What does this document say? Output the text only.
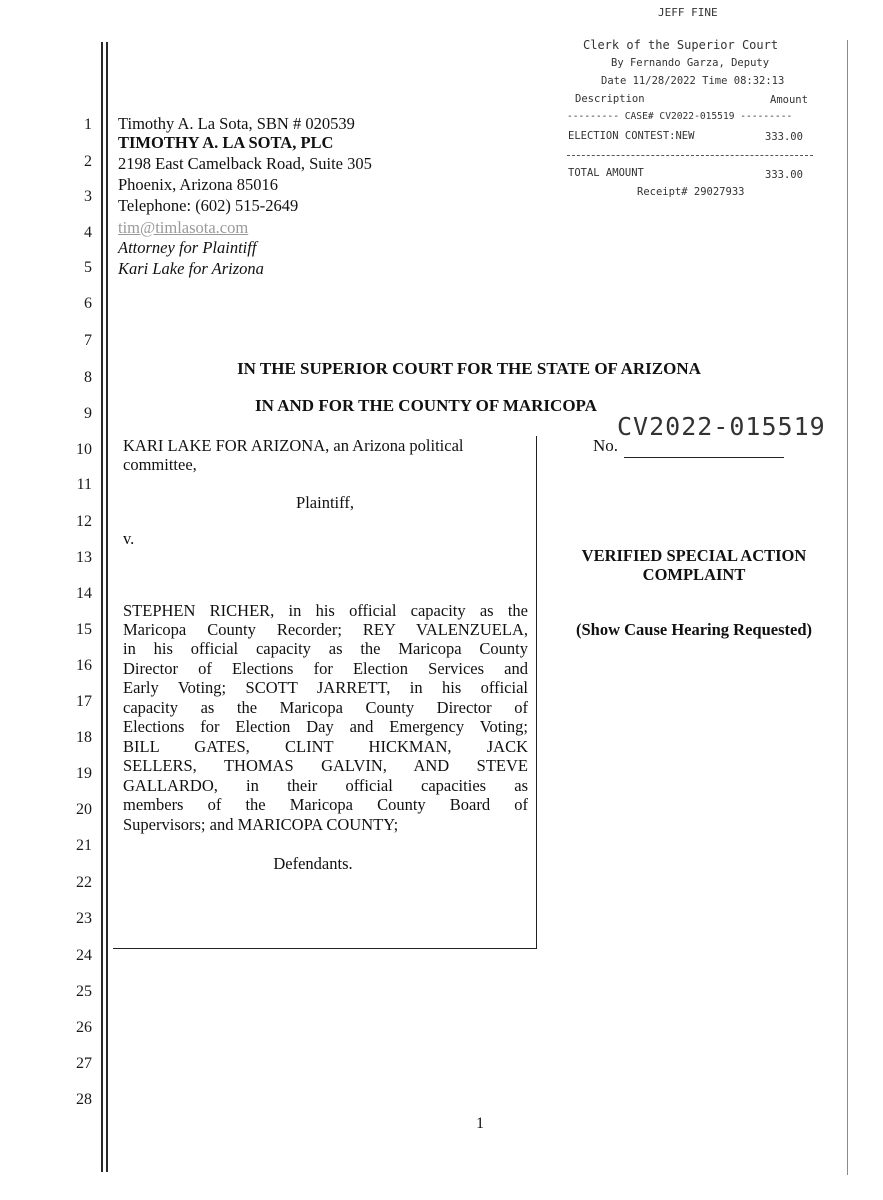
1
2
3
4
5
6
7
8
9
10
11
12
13
14
15
16
17
18
19
20
21
22
23
24
25
26
27
28
JEFF FINE
Clerk of the Superior Court
By Fernando Garza, Deputy
Date 11/28/2022 Time 08:32:13
Description	Amount
--------- CASE# CV2022-015519 ---------
ELECTION CONTEST:NEW	333.00
TOTAL AMOUNT	333.00
Receipt# 29027933
Timothy A. La Sota, SBN # 020539
TIMOTHY A. LA SOTA, PLC
2198 East Camelback Road, Suite 305
Phoenix, Arizona 85016
Telephone: (602) 515-2649
tim@timlasota.com
Attorney for Plaintiff
Kari Lake for Arizona
IN THE SUPERIOR COURT FOR THE STATE OF ARIZONA
IN AND FOR THE COUNTY OF MARICOPA
No.
CV2022-015519
KARI LAKE FOR ARIZONA, an Arizona political
committee,
Plaintiff,
v.
STEPHEN RICHER, in his official capacity as the
Maricopa County Recorder; REY VALENZUELA,
in his official capacity as the Maricopa County
Director of Elections for Election Services and
Early Voting; SCOTT JARRETT, in his official
capacity as the Maricopa County Director of
Elections for Election Day and Emergency Voting;
BILL GATES, CLINT HICKMAN, JACK
SELLERS, THOMAS GALVIN, AND STEVE
GALLARDO, in their official capacities as
members of the Maricopa County Board of
Supervisors; and MARICOPA COUNTY;
Defendants.
VERIFIED SPECIAL ACTION
COMPLAINT
(Show Cause Hearing Requested)
1
